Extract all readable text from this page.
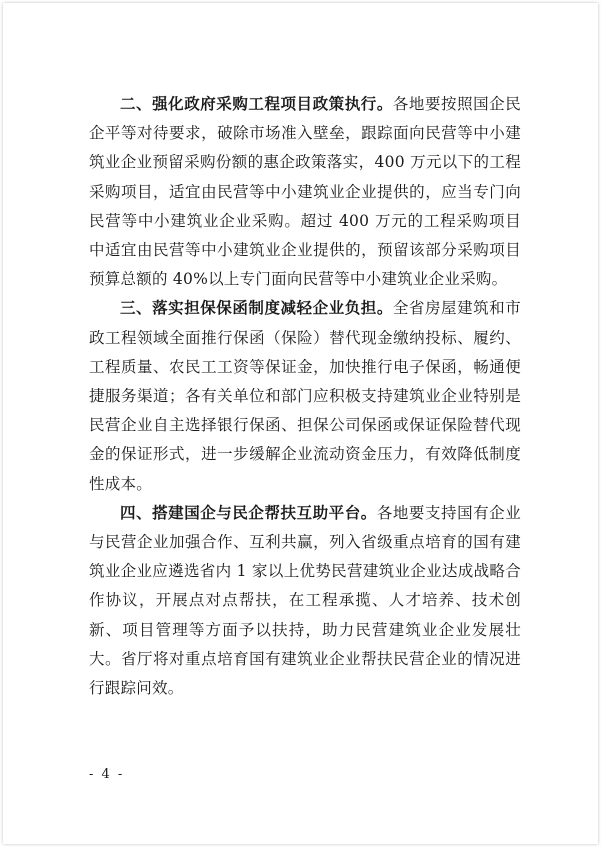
二、强化政府采购工程项目政策执行。各地要按照国企民企平等对待要求，破除市场准入壁垒，跟踪面向民营等中小建筑业企业预留采购份额的惠企政策落实，400 万元以下的工程采购项目，适宜由民营等中小建筑业企业提供的，应当专门向民营等中小建筑业企业采购。超过 400 万元的工程采购项目中适宜由民营等中小建筑业企业提供的，预留该部分采购项目预算总额的 40%以上专门面向民营等中小建筑业企业采购。

三、落实担保保函制度减轻企业负担。全省房屋建筑和市政工程领域全面推行保函（保险）替代现金缴纳投标、履约、工程质量、农民工工资等保证金，加快推行电子保函，畅通便捷服务渠道；各有关单位和部门应积极支持建筑业企业特别是民营企业自主选择银行保函、担保公司保函或保证保险替代现金的保证形式，进一步缓解企业流动资金压力，有效降低制度性成本。

四、搭建国企与民企帮扶互助平台。各地要支持国有企业与民营企业加强合作、互利共赢，列入省级重点培育的国有建筑业企业应遴选省内 1 家以上优势民营建筑业企业达成战略合作协议，开展点对点帮扶，在工程承揽、人才培养、技术创新、项目管理等方面予以扶持，助力民营建筑业企业发展壮大。省厅将对重点培育国有建筑业企业帮扶民营企业的情况进行跟踪问效。

- 4 -
